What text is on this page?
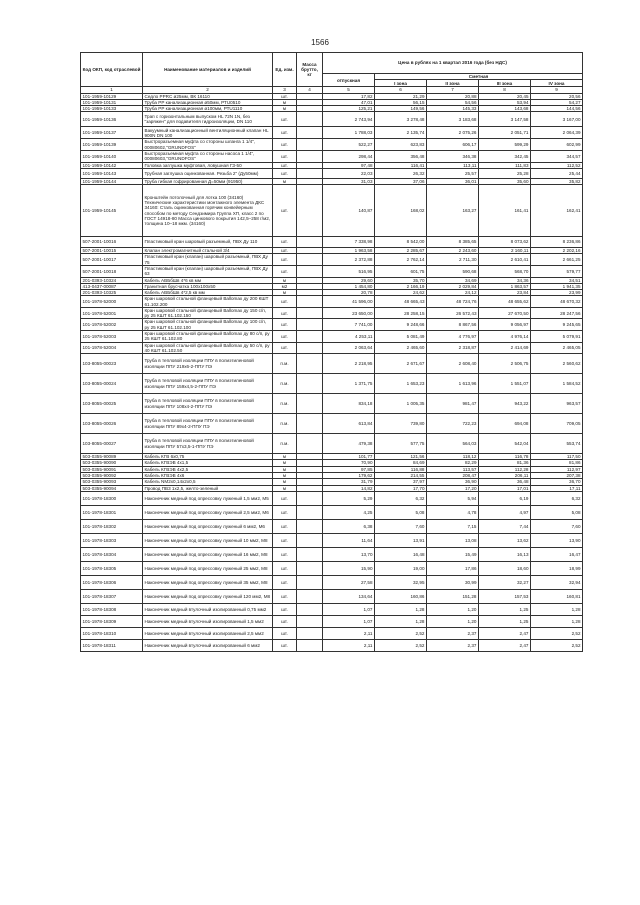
1566
Код ОКП, код отраслевой	Наименование материалов и изделий	Ед. изм.	Масса брутто, кг	Цена в рублях на 1 квартал 2016 года (без НДС)				
				отпускная	Сметная			
					I зона	II зона	III зона	IV зона
1	2	3	4	5	6	7	8	9
101-1959-10129	Седло PPRC ø25мм, ВК 16110	шт.		17,82	21,29	20,88	20,45	20,56
101-1959-10131	Труба PP канализационная ø50мм, РТU0510	м		47,01	56,15	54,56	53,94	54,27
101-1959-10133	Труба PP канализационная ø100мм, РТU1110	м		125,21	149,56	145,33	143,68	144,56
101-1959-10136	Трап с горизонтальным выпуском HL 72N 1N, без "заряжен" для подавителя гидроизоляции, DN 110	шт.		2 743,94	3 278,48	3 183,68	3 147,58	3 167,00
101-1959-10137	Вакуумный канализационный вентиляционный клапан HL 900N DN 100	шт.		1 788,03	2 135,74	2 075,26	2 051,71	2 064,39
101-1959-10139	Быстроразъемная муфта со стороны шланга 1 1/4", 00080602,"GRUNDFOS"	шт.		522,27	623,83	606,17	599,29	602,99
101-1959-10140	Быстроразъемная муфта со стороны насоса 1 1/4", 00080603,"GRUNDFOS"	шт.		298,44	356,48	346,38	342,45	344,57
101-1959-10142	Головка заглушка муфтовая, ловушная ГЗ-50	шт.		97,48	116,41	113,11	111,83	112,52
101-1959-10143	Трубная заглушка оцинкованная. Резьба 2" (Ду50мм)	шт.		22,03	26,32	25,57	25,28	25,44
101-1959-10144	Труба гибкая гофрированная Д=50мм (91950)	м		31,03	37,06	36,01	35,60	35,82
101-1959-10145	Кронштейн потолочный для лотка 100 (34160) Технические характеристики монтажного элемента ДКС 34160: Сталь оцинкованная горячим конвейерным способом по методу Сендзимира Группа ХП, класс 2 по ГОСТ 14918-80 Масса цинкового покрытия 142,5–258 г/м2, толщина 10–18 мкм. (34160)	шт.		140,87	168,02	163,27	161,41	162,41
507-2001-10016	Пластиковый кран шаровый разъемный, ПВХ Ду 110	шт.		7 338,98	8 542,00	8 385,65	8 073,62	8 236,86
507-2001-10015	Клапан электромагнитный стальной 3/4	шт.		1 963,58	2 285,67	2 243,60	2 160,11	2 202,16
507-2001-10017	Пластиковый кран (клапан) шаровый разъемный, ПВХ Ду 75	шт.		2 372,88	2 762,14	2 711,30	2 610,41	2 661,25
507-2001-10018	Пластиковый кран (клапан) шаровый разъемный, ПВХ Ду 63	шт.		516,95	601,75	590,68	568,70	579,77
201-0393-10324	Кабель АВБбШв 4*6 кв мм	м		29,60	35,70	34,69	34,36	34,51
413-0437-00087	Гранитная брусчатка 100х100х50	м2		1 454,80	2 166,19	2 029,84	1 863,57	1 941,35
201-0393-10325	Кабель АВБбШв 4*2,5 кв мм	м		20,78	24,62	24,12	23,84	23,99
101-1978-52000	Кран шаровой стальной фланцевый Ballomax ду 200 КШТ 61.102.200	шт.		41 596,00	48 665,43	48 724,76	48 655,62	48 670,32
101-1978-52001	Кран шаровой стальной фланцевый Ballomax ду 150 с/п, ру 25 КШТ 61.102.150	шт.		23 650,00	28 258,15	26 572,43	27 670,50	28 247,56
101-1978-52002	Кран шаровой стальной фланцевый Ballomax ду 100 с/п, ру 25 КШТ 61.102.100	шт.		7 741,00	9 248,66	8 867,56	9 056,97	9 245,65
101-1978-52003	Кран шаровой стальной фланцевый Ballomax ду 80 с/п, ру 25 КШТ 61.102.80	шт.		4 253,11	5 081,49	4 776,97	4 976,14	5 079,91
101-1978-52004	Кран шаровой стальной фланцевый Ballomax ду 50 с/п, ру 40 КШТ 61.102.50	шт.		2 063,64	2 465,60	2 318,87	2 414,69	2 465,05
103-8055-00023	Труба в тепловой изоляции ППУ в полиэтиленовой изоляции ППУ 219х6-2-ППУ ПЭ	п.м.		2 218,95	2 671,67	2 608,40	2 506,75	2 560,62
103-8055-00024	Труба в тепловой изоляции ППУ в полиэтиленовой изоляции ППУ 159х4,5-2-ППУ ПЭ	п.м.		1 371,75	1 653,23	1 613,96	1 551,07	1 584,52
103-8055-00025	Труба в тепловой изоляции ППУ в полиэтиленовой изоляции ППУ 108х4-2-ППУ ПЭ	п.м.		834,18	1 005,35	981,47	943,22	963,57
103-8055-00026	Труба в тепловой изоляции ППУ в полиэтиленовой изоляции ППУ 89х4-2-ППУ ПЭ	п.м.		613,84	739,80	722,23	694,08	709,05
103-8055-00027	Труба в тепловой изоляции ППУ в полиэтиленовой изоляции ППУ 57х3,5-1-ППУ ПЭ	п.м.		479,38	577,75	564,03	542,04	553,74
503-0355-90089	Кабель КГВ 6х0,75	м		101,77	121,56	118,12	116,78	117,50
503-0355-90090	Кабель КГВЭВ 4х1,5	м		70,90	84,69	82,29	81,36	81,86
503-0355-90091	Кабель КГВЭВ 4х2,5	м		97,85	116,88	113,57	112,28	112,97
503-0355-90092	Кабель КГВЭВ 4х6	м		179,62	214,55	208,47	206,11	207,38
503-0355-90093	Кабель NM2х0,14х2х0,5	м		31,79	37,97	36,90	36,48	36,70
503-0355-90094	Провод ПВ3 1х2,5, желто-зеленый	м		14,82	17,70	17,20	17,01	17,11
101-1978-18300	Наконечник медный под опрессовку луженый 1,5 мм2, М5	шт.		5,29	6,32	5,94	6,19	6,32
101-1978-18301	Наконечник медный под опрессовку луженый 2,5 мм2, М6	шт.		4,25	5,08	4,78	4,97	5,08
101-1978-18302	Наконечник медный под опрессовку луженый 6 мм2, М6	шт.		6,38	7,60	7,15	7,44	7,60
101-1978-18303	Наконечник медный под опрессовку луженый 10 мм2, М8	шт.		11,64	13,91	13,08	13,62	13,90
101-1978-18304	Наконечник медный под опрессовку луженый 16 мм2, М8	шт.		13,70	16,48	15,49	16,13	16,47
101-1978-18305	Наконечник медный под опрессовку луженый 25 мм2, М8	шт.		15,90	19,00	17,86	18,60	18,99
101-1978-18306	Наконечник медный под опрессовку луженый 35 мм2, М8	шт.		27,58	32,95	30,99	32,27	32,94
101-1978-18307	Наконечник медный под опрессовку луженый 120 мм2, М8	шт.		134,64	160,86	151,28	157,53	160,81
101-1978-18308	Наконечник медный втулочный изолированный 0,75 мм2	шт.		1,07	1,28	1,20	1,25	1,28
101-1978-18309	Наконечник медный втулочный изолированный 1,5 мм2	шт.		1,07	1,28	1,20	1,25	1,28
101-1978-18310	Наконечник медный втулочный изолированный 2,5 мм2	шт.		2,11	2,52	2,37	2,47	2,52
101-1978-18311	Наконечник медный втулочный изолированный 6 мм2	шт.		2,11	2,52	2,37	2,47	2,52
